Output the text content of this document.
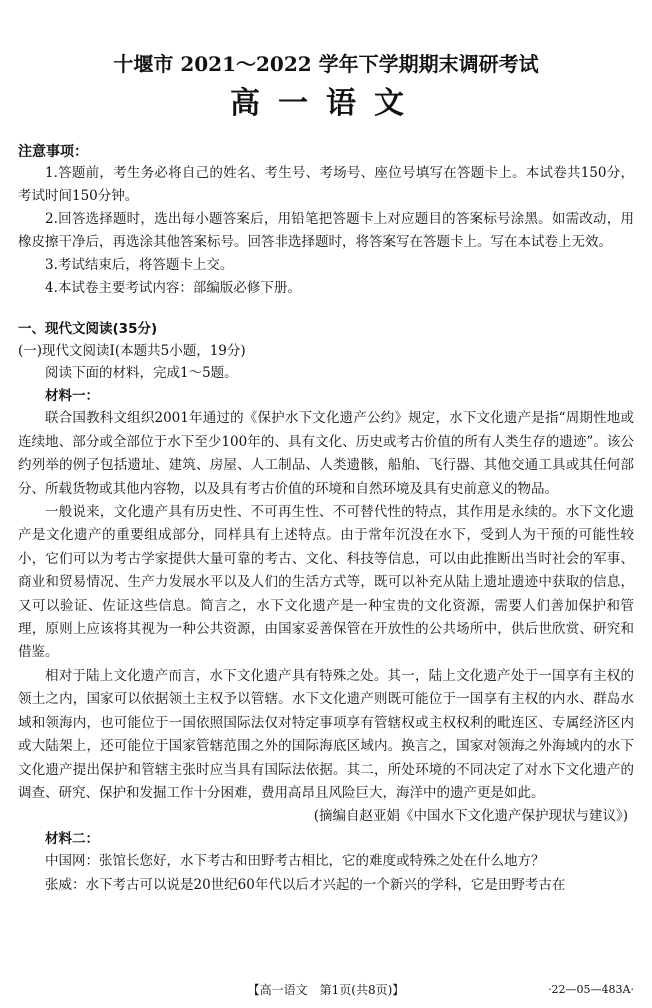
十堰市 2021～2022 学年下学期期末调研考试
高一语文
注意事项：

1.答题前，考生务必将自己的姓名、考生号、考场号、座位号填写在答题卡上。本试卷共150分，考试时间150分钟。

2.回答选择题时，选出每小题答案后，用铅笔把答题卡上对应题目的答案标号涂黑。如需改动，用橡皮擦干净后，再选涂其他答案标号。回答非选择题时，将答案写在答题卡上。写在本试卷上无效。

3.考试结束后，将答题卡上交。

4.本试卷主要考试内容：部编版必修下册。

一、现代文阅读(35分)
(一)现代文阅读Ⅰ(本题共5小题，19分)

阅读下面的材料，完成1～5题。

材料一：

联合国教科文组织2001年通过的《保护水下文化遗产公约》规定，水下文化遗产是指“周期性地或连续地、部分或全部位于水下至少100年的、具有文化、历史或考古价值的所有人类生存的遗迹”。该公约列举的例子包括遗址、建筑、房屋、人工制品、人类遗骸，船舶、飞行器、其他交通工具或其任何部分、所载货物或其他内容物，以及具有考古价值的环境和自然环境及具有史前意义的物品。

一般说来，文化遗产具有历史性、不可再生性、不可替代性的特点，其作用是永续的。水下文化遗产是文化遗产的重要组成部分，同样具有上述特点。由于常年沉没在水下，受到人为干预的可能性较小，它们可以为考古学家提供大量可靠的考古、文化、科技等信息，可以由此推断出当时社会的军事、商业和贸易情况、生产力发展水平以及人们的生活方式等，既可以补充从陆上遗址遗迹中获取的信息，又可以验证、佐证这些信息。简言之，水下文化遗产是一种宝贵的文化资源，需要人们善加保护和管理，原则上应该将其视为一种公共资源，由国家妥善保管在开放性的公共场所中，供后世欣赏、研究和借鉴。

相对于陆上文化遗产而言，水下文化遗产具有特殊之处。其一，陆上文化遗产处于一国享有主权的领土之内，国家可以依据领土主权予以管辖。水下文化遗产则既可能位于一国享有主权的内水、群岛水域和领海内，也可能位于一国依照国际法仅对特定事项享有管辖权或主权权利的毗连区、专属经济区内或大陆架上，还可能位于国家管辖范围之外的国际海底区域内。换言之，国家对领海之外海域内的水下文化遗产提出保护和管辖主张时应当具有国际法依据。其二，所处环境的不同决定了对水下文化遗产的调查、研究、保护和发掘工作十分困难，费用高昂且风险巨大，海洋中的遗产更是如此。

(摘编自赵亚娟《中国水下文化遗产保护现状与建议》)
材料二：

中国网：张馆长您好，水下考古和田野考古相比，它的难度或特殊之处在什么地方？

张威：水下考古可以说是20世纪60年代以后才兴起的一个新兴的学科，它是田野考古在

【高一语文　第1页(共8页)】	·22—05—483A·
